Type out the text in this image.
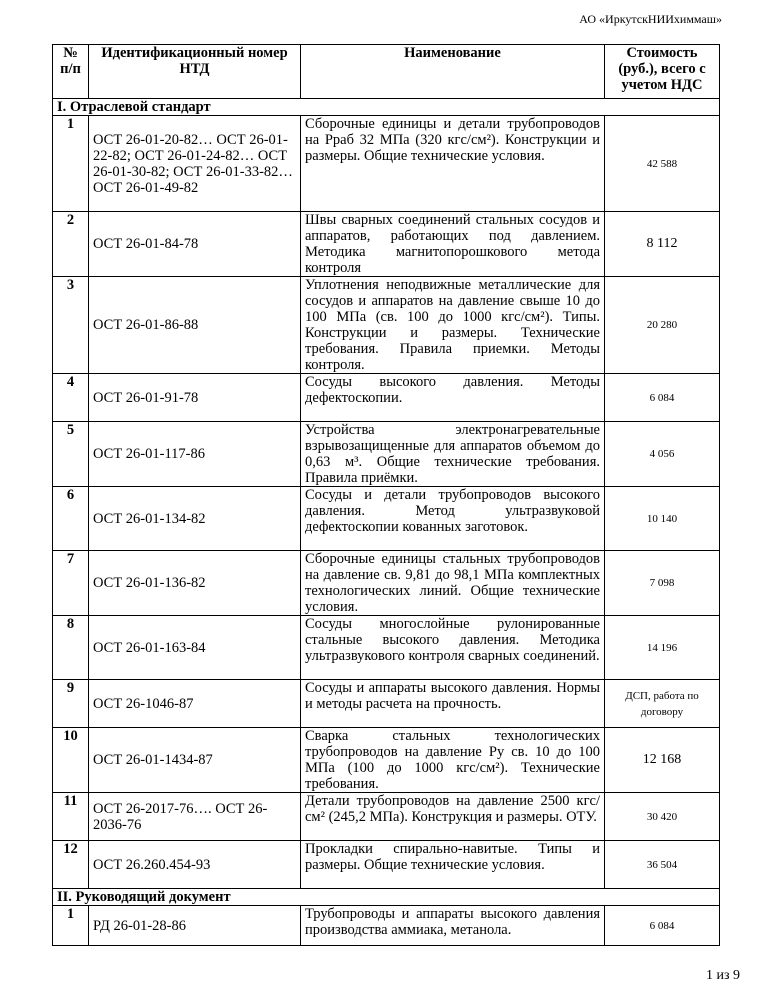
АО «ИркутскНИИхиммаш»
№ п/п	Идентификационный номер НТД	Наименование	Стоимость (руб.), всего с учетом НДС
I. Отраслевой стандарт			
1	ОСТ 26-01-20-82… ОСТ 26-01-22-82; ОСТ 26-01-24-82… ОСТ 26-01-30-82; ОСТ 26-01-33-82… ОСТ 26-01-49-82	Сборочные единицы и детали трубопроводов на Рраб 32 МПа (320 кгс/см²). Конструкции и размеры. Общие технические условия.	42 588
2	ОСТ 26-01-84-78	Швы сварных соединений стальных сосудов и аппаратов, работающих под давлением. Методика магнитопорошкового метода контроля	8 112
3	ОСТ 26-01-86-88	Уплотнения неподвижные металлические для сосудов и аппаратов на давление свыше 10 до 100 МПа (св. 100 до 1000 кгс/см²). Типы. Конструкции и размеры. Технические требования. Правила приемки. Методы контроля.	20 280
4	ОСТ 26-01-91-78	Сосуды высокого давления. Методы дефектоскопии.	6 084
5	ОСТ 26-01-117-86	Устройства электронагревательные взрывозащищенные для аппаратов объемом до 0,63 м³. Общие технические требования. Правила приёмки.	4 056
6	ОСТ 26-01-134-82	Сосуды и детали трубопроводов высокого давления. Метод ультразвуковой дефектоскопии кованных заготовок.	10 140
7	ОСТ 26-01-136-82	Сборочные единицы стальных трубопроводов на давление св. 9,81 до 98,1 МПа комплектных технологических линий. Общие технические условия.	7 098
8	ОСТ 26-01-163-84	Сосуды многослойные рулонированные стальные высокого давления. Методика ультразвукового контроля сварных соединений.	14 196
9	ОСТ 26-1046-87	Сосуды и аппараты высокого давления. Нормы и методы расчета на прочность.	ДСП, работа по договору
10	ОСТ 26-01-1434-87	Сварка стальных технологических трубопроводов на давление Ру св. 10 до 100 МПа (100 до 1000 кгс/см²). Технические требования.	12 168
11	ОСТ 26-2017-76…. ОСТ 26-2036-76	Детали трубопроводов на давление 2500 кгс/см² (245,2 МПа). Конструкция и размеры. ОТУ.	30 420
12	ОСТ 26.260.454-93	Прокладки спирально-навитые. Типы и размеры. Общие технические условия.	36 504
II. Руководящий документ			
1	РД 26-01-28-86	Трубопроводы и аппараты высокого давления производства аммиака, метанола.	6 084
1 из 9
